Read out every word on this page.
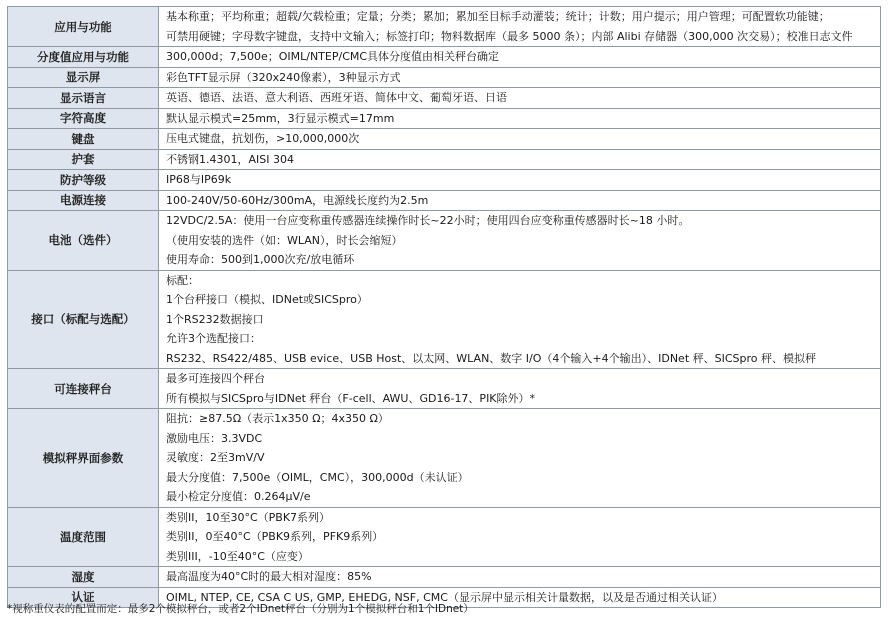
应用与功能	基本称重；平均称重；超载/欠载检重；定量；分类；累加；累加至目标手动灌装；统计；计数；用户提示；用户管理；可配置软功能键；
可禁用硬键；字母数字键盘，支持中文输入；标签打印；物料数据库（最多 5000 条）；内部 Alibi 存储器（300,000 次交易）；校准日志文件

分度值应用与功能	300,000d；7,500e；OIML/NTEP/CMC具体分度值由相关秤台确定

显示屏	彩色TFT显示屏（320x240像素），3种显示方式

显示语言	英语、德语、法语、意大利语、西班牙语、简体中文、葡萄牙语、日语

字符高度	默认显示模式=25mm，3行显示模式=17mm

键盘	压电式键盘，抗划伤，>10,000,000次

护套	不锈钢1.4301，AISI 304

防护等级	IP68与IP69k

电源连接	100-240V/50-60Hz/300mA，电源线长度约为2.5m

电池（选件）	12VDC/2.5A：使用一台应变称重传感器连续操作时长~22小时；使用四台应变称重传感器时长~18 小时。
（使用安装的选件（如：WLAN），时长会缩短）
使用寿命：500到1,000次充/放电循环

接口（标配与选配）	标配：
1个台秤接口（模拟、IDNet或SICSpro）
1个RS232数据接口
允许3个选配接口：
RS232、RS422/485、USB evice、USB Host、以太网、WLAN、数字 I/O（4个输入+4个输出）、IDNet 秤、SICSpro 秤、模拟秤

可连接秤台	最多可连接四个秤台
所有模拟与SICSpro与IDNet 秤台（F-cell、AWU、GD16-17、PIK除外）*

模拟秤界面参数	阻抗：≥87.5Ω（表示1x350 Ω；4x350 Ω）
激励电压：3.3VDC
灵敏度：2至3mV/V
最大分度值：7,500e（OIML，CMC），300,000d（未认证）
最小检定分度值：0.264µV/e

温度范围	类别II，10至30°C（PBK7系列）
类别II，0至40°C（PBK9系列，PFK9系列）
类别III，-10至40°C（应变）

湿度	最高温度为40°C时的最大相对湿度：85%

认证	OIML, NTEP, CE, CSA C US, GMP, EHEDG, NSF, CMC（显示屏中显示相关计量数据，以及是否通过相关认证）
*视称重仪表的配置而定：最多2个模拟秤台，或者2个IDnet秤台（分别为1个模拟秤台和1个IDnet）
